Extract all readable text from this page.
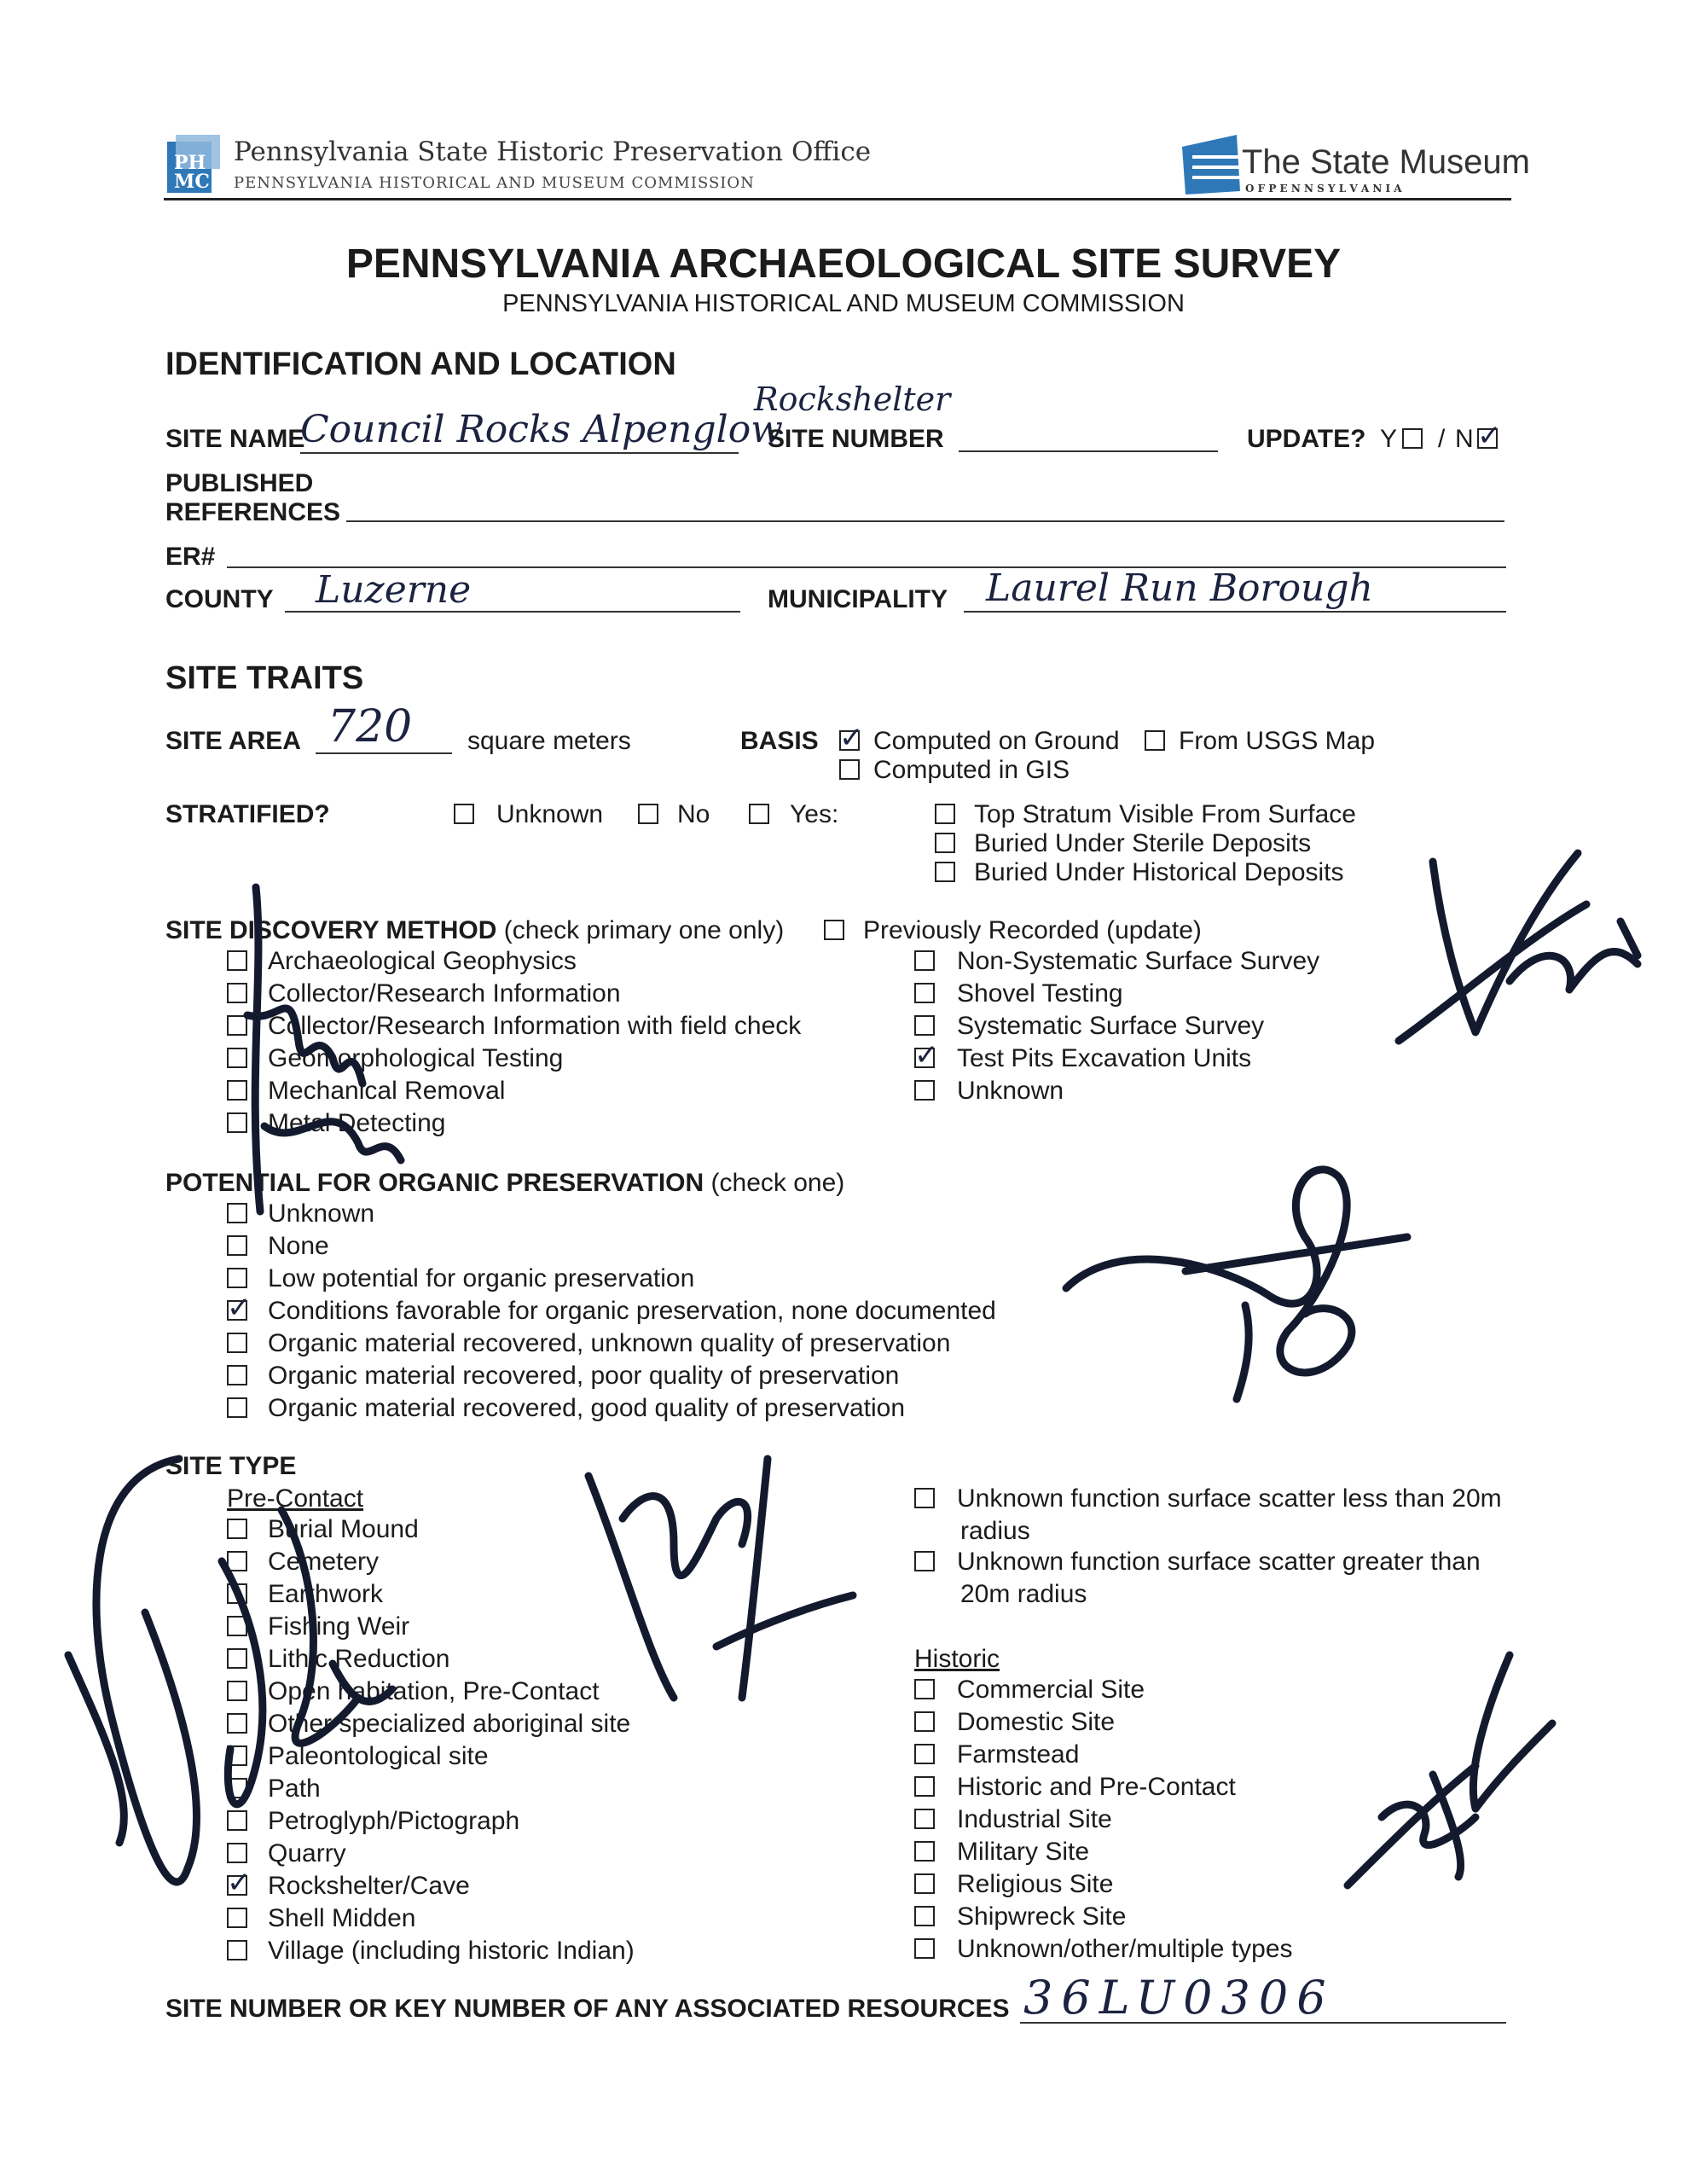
PH
MC
Pennsylvania State Historic Preservation Office
PENNSYLVANIA HISTORICAL AND MUSEUM COMMISSION
The State Museum
O F P E N N S Y L V A N I A
PENNSYLVANIA ARCHAEOLOGICAL SITE SURVEY
PENNSYLVANIA HISTORICAL AND MUSEUM COMMISSION
IDENTIFICATION AND LOCATION
SITE NAME
Council Rocks Alpenglow
Rockshelter
SITE NUMBER	UPDATE? Y / N ✓
PUBLISHED
REFERENCES
ER#
COUNTY Luzerne	MUNICIPALITY Laurel Run Borough
SITE TRAITS
SITE AREA 720 square meters	BASIS ✓ Computed on Ground From USGS Map
Computed in GIS
STRATIFIED?	Unknown	No	Yes:	Top Stratum Visible From Surface
Buried Under Sterile Deposits
Buried Under Historical Deposits
SITE DISCOVERY METHOD (check primary one only)	Previously Recorded (update)
Archaeological Geophysics
Collector/Research Information
Collector/Research Information with field check
Geomorphological Testing
Mechanical Removal
Metal Detecting
Non-Systematic Surface Survey
Shovel Testing
Systematic Surface Survey
✓ Test Pits Excavation Units
Unknown
POTENTIAL FOR ORGANIC PRESERVATION (check one)
Unknown
None
Low potential for organic preservation
✓ Conditions favorable for organic preservation, none documented
Organic material recovered, unknown quality of preservation
Organic material recovered, poor quality of preservation
Organic material recovered, good quality of preservation
SITE TYPE
Pre-Contact
Burial Mound
Cemetery
Earthwork
Fishing Weir
Lithic Reduction
Open habitation, Pre-Contact
Other specialized aboriginal site
Paleontological site
Path
Petroglyph/Pictograph
Quarry
✓ Rockshelter/Cave
Shell Midden
Village (including historic Indian)
Unknown function surface scatter less than 20m
radius
Unknown function surface scatter greater than
20m radius
Historic
Commercial Site
Domestic Site
Farmstead
Historic and Pre-Contact
Industrial Site
Military Site
Religious Site
Shipwreck Site
Unknown/other/multiple types
SITE NUMBER OR KEY NUMBER OF ANY ASSOCIATED RESOURCES 36LU0306
